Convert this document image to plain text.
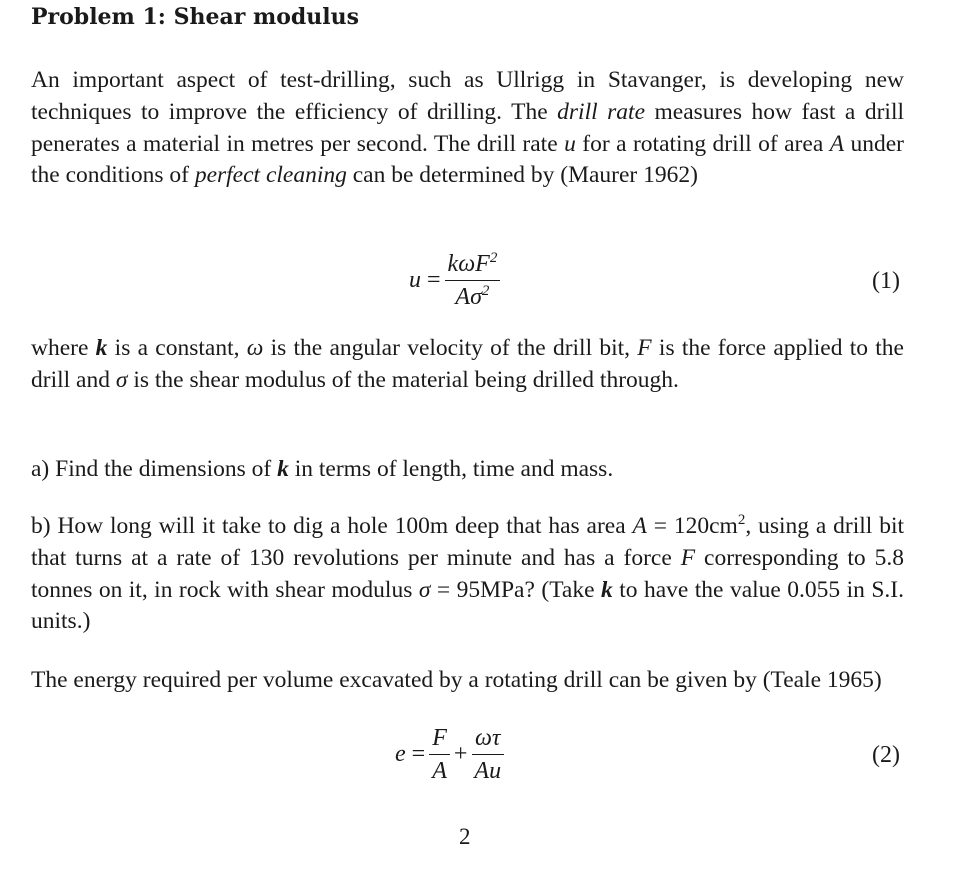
Problem 1: Shear modulus

An important aspect of test-drilling, such as Ullrigg in Stavanger, is developing new techniques to improve the efficiency of drilling. The drill rate measures how fast a drill penerates a material in metres per second. The drill rate u for a rotating drill of area A under the conditions of perfect cleaning can be determined by (Maurer 1962)

$u = \frac{k\omega F^2}{A\sigma^2}$	(1)

where k is a constant, ω is the angular velocity of the drill bit, F is the force applied to the drill and σ is the shear modulus of the material being drilled through.

a) Find the dimensions of k in terms of length, time and mass.

b) How long will it take to dig a hole 100m deep that has area $A = 120cm^2$, using a drill bit that turns at a rate of 130 revolutions per minute and has a force F corresponding to 5.8 tonnes on it, in rock with shear modulus σ = 95MPa? (Take k to have the value 0.055 in S.I. units.)

The energy required per volume excavated by a rotating drill can be given by (Teale 1965)

$e = \frac{F}{A} + \frac{\omega\tau}{Au}$	(2)
2
